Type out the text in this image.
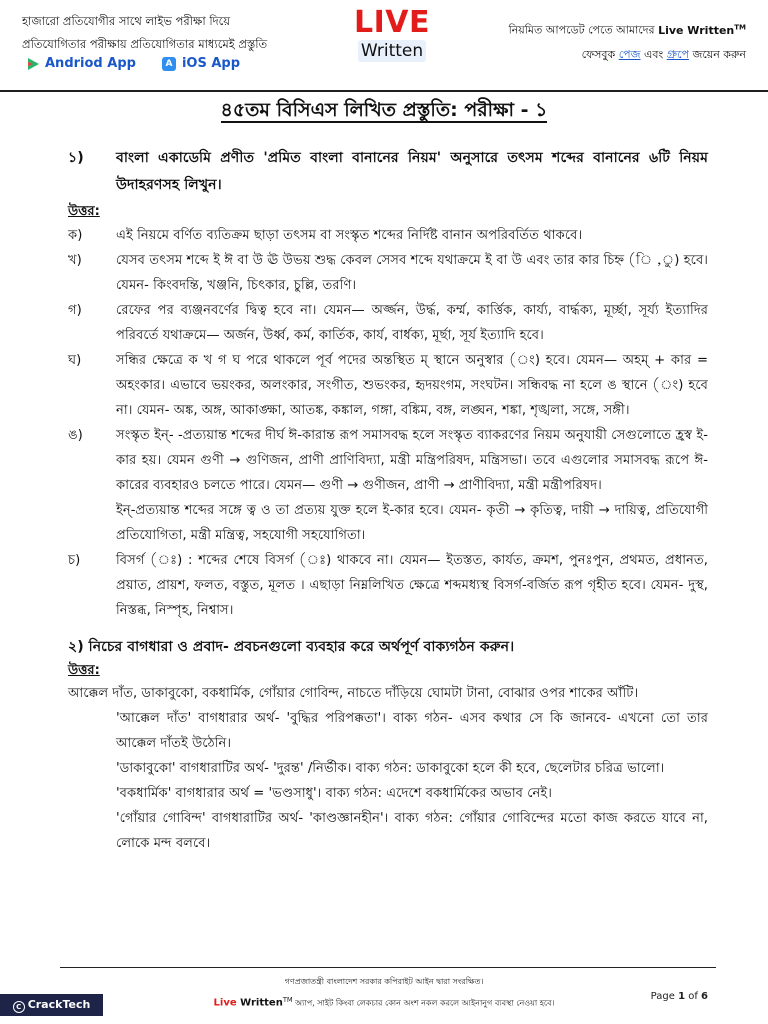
হাজারো প্রতিযোগীর সাথে লাইভ পরীক্ষা দিয়ে
প্রতিযোগিতার পরীক্ষায় প্রতিযোগিতার মাধ্যমেই প্রস্তুতি
Andriod App	A iOS App
LIVE
Written
নিয়মিত আপডেট পেতে আমাদের Live Written™
ফেসবুক পেজ এবং গ্রুপে জয়েন করুন
৪৫তম বিসিএস লিখিত প্রস্তুতি: পরীক্ষা - ১
১)	বাংলা একাডেমি প্রণীত 'প্রমিত বাংলা বানানের নিয়ম' অনুসারে তৎসম শব্দের বানানের ৬টি নিয়ম উদাহরণসহ লিখুন।
উত্তর:
ক)	এই নিয়মে বর্ণিত ব্যতিক্রম ছাড়া তৎসম বা সংস্কৃত শব্দের নির্দিষ্ট বানান অপরিবর্তিত থাকবে।
খ)	যেসব তৎসম শব্দে ই ঈ বা উ ঊ উভয় শুদ্ধ কেবল সেসব শব্দে যথাক্রমে ই বা উ এবং তার কার চিহ্ন (ি ,ু) হবে। যেমন- কিংবদন্তি, খঞ্জনি, চিৎকার, চুল্লি, তরণি।
গ)	রেফের পর ব্যঞ্জনবর্ণের দ্বিত্ব হবে না। যেমন— অর্জ্জন, উর্দ্ধ, কর্ম্ম, কার্ত্তিক, কার্য্য, বার্দ্ধক্য, মূর্চ্ছা, সূর্য্য ইত্যাদির পরিবর্তে যথাক্রমে— অর্জন, উর্ধ্ব, কর্ম, কার্তিক, কার্য, বার্ধক্য, মূর্ছা, সূর্য ইত্যাদি হবে।
ঘ)	সন্ধির ক্ষেত্রে ক খ গ ঘ পরে থাকলে পূর্ব পদের অন্তস্থিত ম্ স্থানে অনুস্বার (ং) হবে। যেমন— অহম্ + কার = অহংকার। এভাবে ভয়ংকর, অলংকার, সংগীত, শুভংকর, হৃদয়ংগম, সংঘটন। সন্ধিবদ্ধ না হলে ঙ স্থানে (ং) হবে না। যেমন- অঙ্ক, অঙ্গ, আকাঙ্ক্ষা, আতঙ্ক, কঙ্কাল, গঙ্গা, বঙ্কিম, বঙ্গ, লঙ্ঘন, শঙ্কা, শৃঙ্খলা, সঙ্গে, সঙ্গী।
ঙ)	সংস্কৃত ইন্- -প্রত্যয়ান্ত শব্দের দীর্ঘ ঈ-কারান্ত রূপ সমাসবদ্ধ হলে সংস্কৃত ব্যাকরণের নিয়ম অনুযায়ী সেগুলোতে হ্রস্ব ই-কার হয়। যেমন গুণী → গুণিজন, প্রাণী প্রাণিবিদ্যা, মন্ত্রী মন্ত্রিপরিষদ, মন্ত্রিসভা। তবে এগুলোর সমাসবদ্ধ রূপে ঈ-কারের ব্যবহারও চলতে পারে। যেমন— গুণী → গুণীজন, প্রাণী → প্রাণীবিদ্যা, মন্ত্রী মন্ত্রীপরিষদ।
ইন্-প্রত্যয়ান্ত শব্দের সঙ্গে ত্ব ও তা প্রত্যয় যুক্ত হলে ই-কার হবে। যেমন- কৃতী → কৃতিত্ব, দায়ী → দায়িত্ব, প্রতিযোগী প্রতিযোগিতা, মন্ত্রী মন্ত্রিত্ব, সহযোগী সহযোগিতা।
চ)	বিসর্গ (ঃ) : শব্দের শেষে বিসর্গ (ঃ) থাকবে না। যেমন— ইতস্তত, কার্যত, ক্রমশ, পুনঃপুন, প্রথমত, প্রধানত, প্রয়াত, প্রায়শ, ফলত, বস্তুত, মূলত । এছাড়া নিম্নলিখিত ক্ষেত্রে শব্দমধ্যস্থ বিসর্গ-বর্জিত রূপ গৃহীত হবে। যেমন- দুস্থ, নিস্তব্ধ, নিস্পৃহ, নিশ্বাস।
২) নিচের বাগধারা ও প্রবাদ- প্রবচনগুলো ব্যবহার করে অর্থপূর্ণ বাক্যগঠন করুন।
উত্তর:
আক্কেল দাঁত, ডাকাবুকো, বকধার্মিক, গোঁয়ার গোবিন্দ, নাচতে দাঁড়িয়ে ঘোমটা টানা, বোঝার ওপর শাকের আঁটি।
'আক্কেল দাঁত' বাগধারার অর্থ- 'বুদ্ধির পরিপক্কতা'। বাক্য গঠন- এসব কথার সে কি জানবে- এখনো তো তার আক্কেল দাঁতই উঠেনি।
'ডাকাবুকো' বাগধারাটির অর্থ- 'দুরন্ত' /নির্ভীক। বাক্য গঠন: ডাকাবুকো হলে কী হবে, ছেলেটার চরিত্র ভালো।
'বকধার্মিক' বাগধারার অর্থ = 'ভণ্ডসাধু'। বাক্য গঠন: এদেশে বকধার্মিকের অভাব নেই।
'গোঁয়ার গোবিন্দ' বাগধারাটির অর্থ- 'কাণ্ডজ্ঞানহীন'। বাক্য গঠন: গোঁয়ার গোবিন্দের মতো কাজ করতে যাবে না, লোকে মন্দ বলবে।
গণপ্রজাতন্ত্রী বাংলাদেশ সরকার কপিরাইট আইন দ্বারা সংরক্ষিত।
Live Written™ অ্যাপ, সাইট কিংবা লেকচার কোন অংশ নকল করলে আইনানুগ ব্যবস্থা নেওয়া হবে।
Page 1 of 6
C CrackTech
